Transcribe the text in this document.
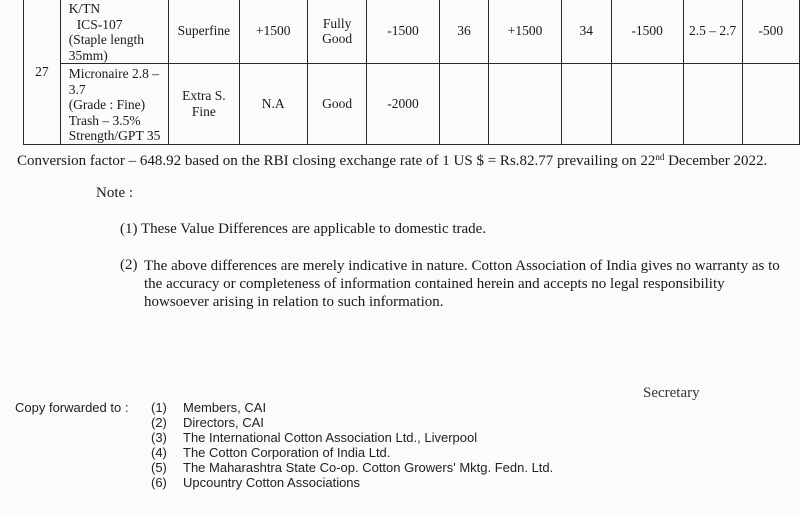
27	K/TN
ICS-107
(Staple length
35mm)	Superfine	+1500	Fully Good	-1500	36	+1500	34	-1500	2.5 – 2.7	-500

	Micronaire 2.8 –
3.7
(Grade : Fine)
Trash – 3.5%
Strength/GPT 35	Extra S. Fine	N.A	Good	-2000						
Conversion factor – 648.92 based on the RBI closing exchange rate of 1 US $ = Rs.82.77 prevailing on 22nd December 2022.
Note :
(1) These Value Differences are applicable to domestic trade.
(2) The above differences are merely indicative in nature. Cotton Association of India gives no warranty as to the accuracy or completeness of information contained herein and accepts no legal responsibility howsoever arising in relation to such information.
Secretary
Copy forwarded to : (1) Members, CAI
(2) Directors, CAI
(3) The International Cotton Association Ltd., Liverpool
(4) The Cotton Corporation of India Ltd.
(5) The Maharashtra State Co-op. Cotton Growers' Mktg. Fedn. Ltd.
(6) Upcountry Cotton Associations
